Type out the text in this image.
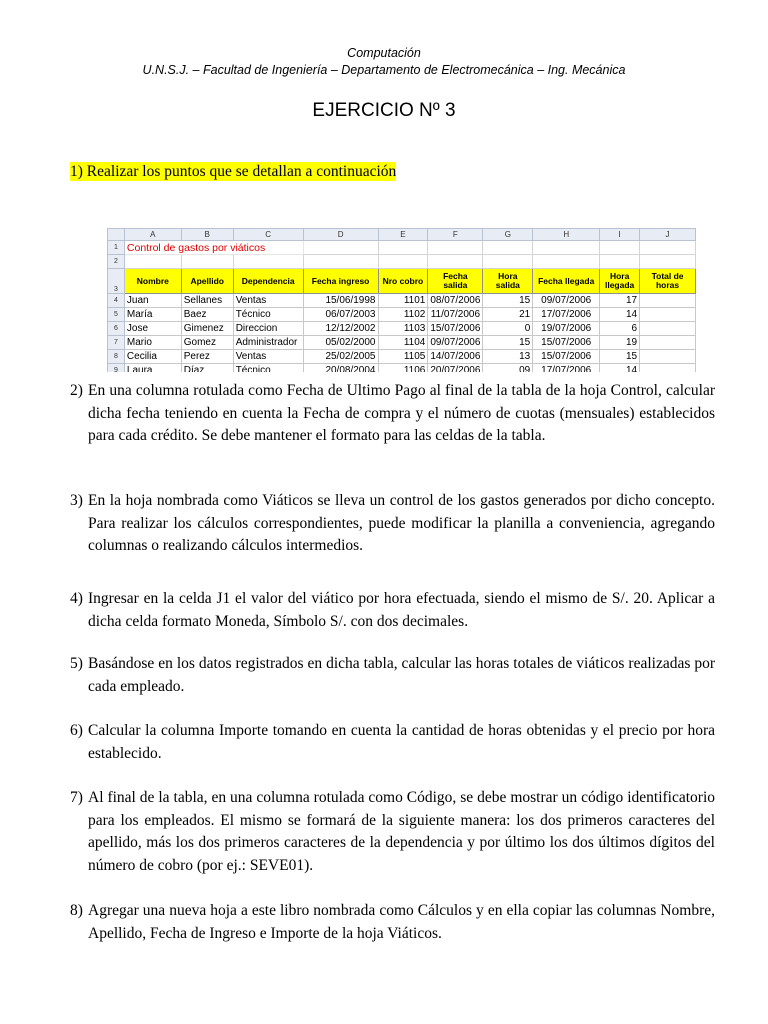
Computación
U.N.S.J. – Facultad de Ingeniería – Departamento de Electromecánica – Ing. Mecánica
EJERCICIO Nº 3
1) Realizar los puntos que se detallan a continuación
	A	B	C	D	E	F	G	H	I	J
1	Control de gastos por viáticos									
2										
3	Nombre	Apellido	Dependencia	Fecha ingreso	Nro cobro	Fecha salida	Hora salida	Fecha llegada	Hora llegada	Total de horas
4	Juan	Sellanes	Ventas	15/06/1998	1101	08/07/2006	15	09/07/2006	17	
5	María	Baez	Técnico	06/07/2003	1102	11/07/2006	21	17/07/2006	14	
6	Jose	Gimenez	Direccion	12/12/2002	1103	15/07/2006	0	19/07/2006	6	
7	Mario	Gomez	Administrador	05/02/2000	1104	09/07/2006	15	15/07/2006	19	
8	Cecilia	Perez	Ventas	25/02/2005	1105	14/07/2006	13	15/07/2006	15	
9	Laura	Díaz	Técnico	20/08/2004	1106	20/07/2006	09	17/07/2006	14	
2) En una columna rotulada como Fecha de Ultimo Pago al final de la tabla de la hoja Control, calcular dicha fecha teniendo en cuenta la Fecha de compra y el número de cuotas (mensuales) establecidos para cada crédito. Se debe mantener el formato para las celdas de la tabla.
3) En la hoja nombrada como Viáticos se lleva un control de los gastos generados por dicho concepto. Para realizar los cálculos correspondientes, puede modificar la planilla a conveniencia, agregando columnas o realizando cálculos intermedios.
4) Ingresar en la celda J1 el valor del viático por hora efectuada, siendo el mismo de S/. 20. Aplicar a dicha celda formato Moneda, Símbolo S/. con dos decimales.
5) Basándose en los datos registrados en dicha tabla, calcular las horas totales de viáticos realizadas por cada empleado.
6) Calcular la columna Importe tomando en cuenta la cantidad de horas obtenidas y el precio por hora establecido.
7) Al final de la tabla, en una columna rotulada como Código, se debe mostrar un código identificatorio para los empleados. El mismo se formará de la siguiente manera: los dos primeros caracteres del apellido, más los dos primeros caracteres de la dependencia y por último los dos últimos dígitos del número de cobro (por ej.: SEVE01).
8) Agregar una nueva hoja a este libro nombrada como Cálculos y en ella copiar las columnas Nombre, Apellido, Fecha de Ingreso e Importe de la hoja Viáticos.
